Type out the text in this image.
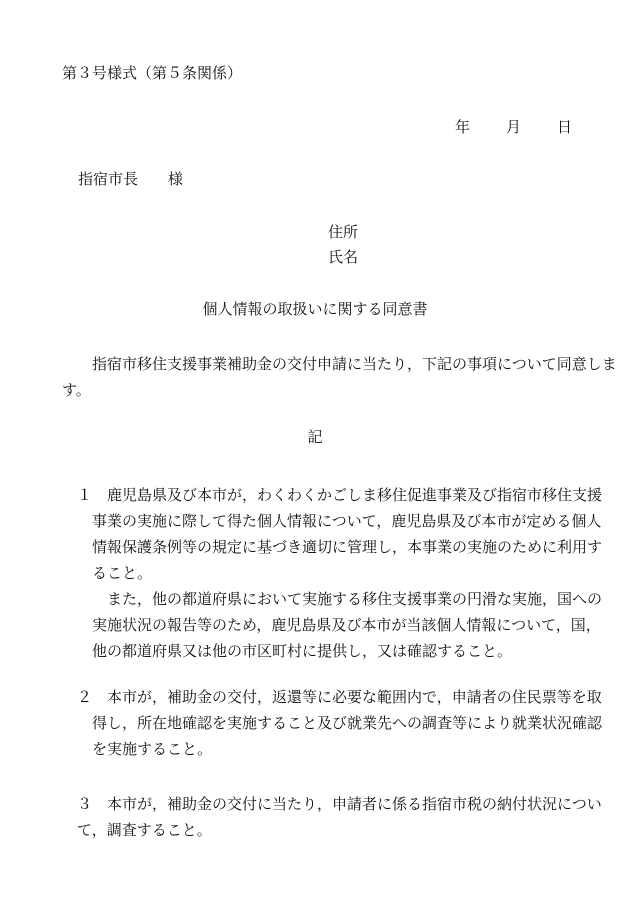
第３号様式（第５条関係）
年 月 日
指宿市長 様
住所
氏名
個人情報の取扱いに関する同意書
指宿市移住支援事業補助金の交付申請に当たり，下記の事項について同意しま
す。
記
１ 鹿児島県及び本市が，わくわくかごしま移住促進事業及び指宿市移住支援
事業の実施に際して得た個人情報について，鹿児島県及び本市が定める個人
情報保護条例等の規定に基づき適切に管理し，本事業の実施のために利用す
ること。
また，他の都道府県において実施する移住支援事業の円滑な実施，国への
実施状況の報告等のため，鹿児島県及び本市が当該個人情報について，国，
他の都道府県又は他の市区町村に提供し，又は確認すること。
２ 本市が，補助金の交付，返還等に必要な範囲内で，申請者の住民票等を取
得し，所在地確認を実施すること及び就業先への調査等により就業状況確認
を実施すること。
３ 本市が，補助金の交付に当たり，申請者に係る指宿市税の納付状況につい
て，調査すること。
